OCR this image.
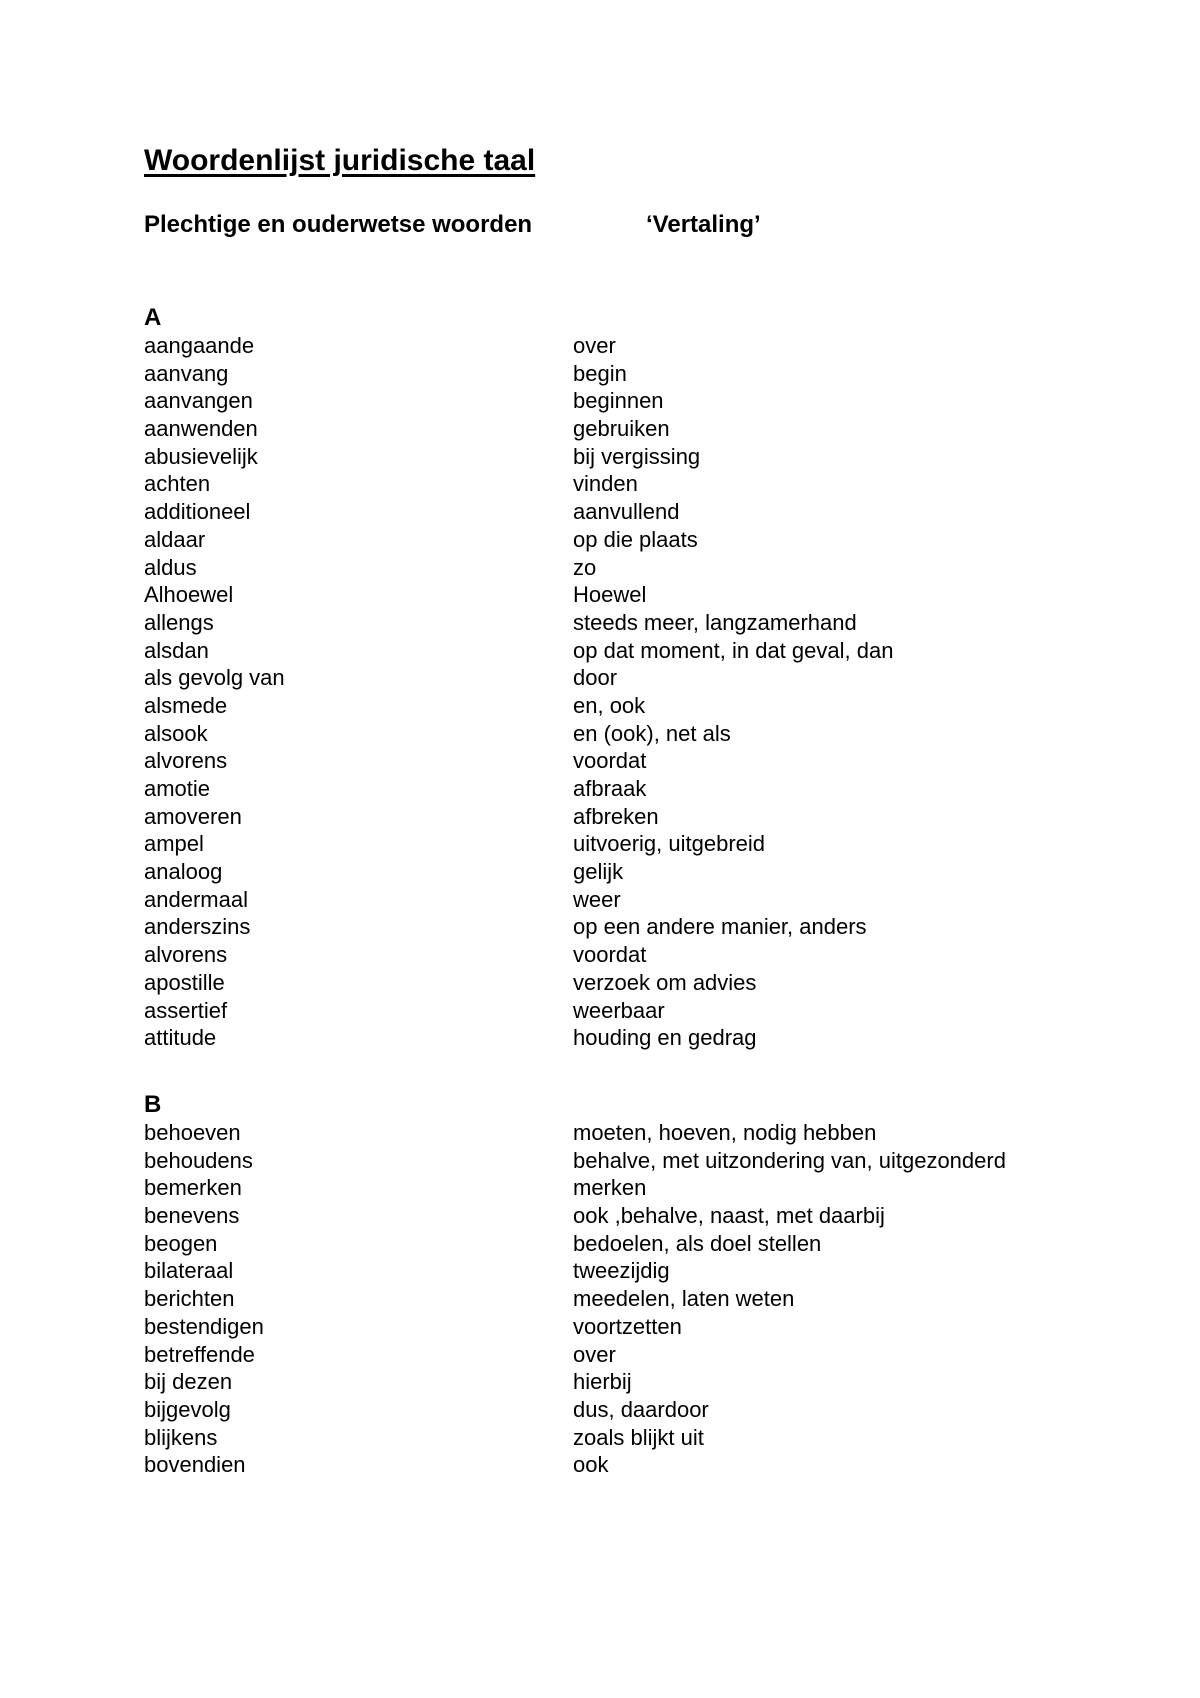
Woordenlijst juridische taal
Plechtige en ouderwetse woorden	‘Vertaling’
A
aangaande	over
aanvang	begin
aanvangen	beginnen
aanwenden	gebruiken
abusievelijk	bij vergissing
achten	vinden
additioneel	aanvullend
aldaar	op die plaats
aldus	zo
Alhoewel	Hoewel
allengs	steeds meer, langzamerhand
alsdan	op dat moment, in dat geval, dan
als gevolg van	door
alsmede	en, ook
alsook	en (ook), net als
alvorens	voordat
amotie	afbraak
amoveren	afbreken
ampel	uitvoerig, uitgebreid
analoog	gelijk
andermaal	weer
anderszins	op een andere manier, anders
alvorens	voordat
apostille	verzoek om advies
assertief	weerbaar
attitude	houding en gedrag
B
behoeven	moeten, hoeven, nodig hebben
behoudens	behalve, met uitzondering van, uitgezonderd
bemerken	merken
benevens	ook ,behalve, naast, met daarbij
beogen	bedoelen, als doel stellen
bilateraal	tweezijdig
berichten	meedelen, laten weten
bestendigen	voortzetten
betreffende	over
bij dezen	hierbij
bijgevolg	dus, daardoor
blijkens	zoals blijkt uit
bovendien	ook
